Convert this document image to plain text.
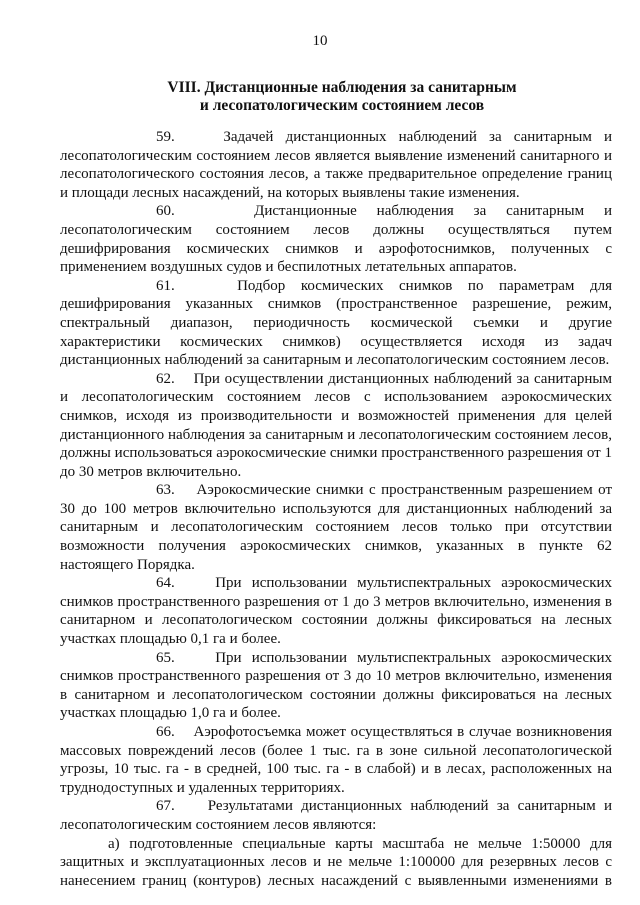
10
VIII. Дистанционные наблюдения за санитарным
и лесопатологическим состоянием лесов

59.	Задачей дистанционных наблюдений за санитарным и лесопатологическим состоянием лесов является выявление изменений санитарного и лесопатологического состояния лесов, а также предварительное определение границ и площади лесных насаждений, на которых выявлены такие изменения.

60.	Дистанционные наблюдения за санитарным и лесопатологическим состоянием лесов должны осуществляться путем дешифрирования космических снимков и аэрофотоснимков, полученных с применением воздушных судов и беспилотных летательных аппаратов.

61.	Подбор космических снимков по параметрам для дешифрирования указанных снимков (пространственное разрешение, режим, спектральный диапазон, периодичность космической съемки и другие характеристики космических снимков) осуществляется исходя из задач дистанционных наблюдений за санитарным и лесопатологическим состоянием лесов.

62. При осуществлении дистанционных наблюдений за санитарным и лесопатологическим состоянием лесов с использованием аэрокосмических снимков, исходя из производительности и возможностей применения для целей дистанционного наблюдения за санитарным и лесопатологическим состоянием лесов, должны использоваться аэрокосмические снимки пространственного разрешения от 1 до 30 метров включительно.

63. Аэрокосмические снимки с пространственным разрешением от 30 до 100 метров включительно используются для дистанционных наблюдений за санитарным и лесопатологическим состоянием лесов только при отсутствии возможности получения аэрокосмических снимков, указанных в пункте 62 настоящего Порядка.

64.	При использовании мультиспектральных аэрокосмических снимков пространственного разрешения от 1 до 3 метров включительно, изменения в санитарном и лесопатологическом состоянии должны фиксироваться на лесных участках площадью 0,1 га и более.

65.	При использовании мультиспектральных аэрокосмических снимков пространственного разрешения от 3 до 10 метров включительно, изменения в санитарном и лесопатологическом состоянии должны фиксироваться на лесных участках площадью 1,0 га и более.

66. Аэрофотосъемка может осуществляться в случае возникновения массовых повреждений лесов (более 1 тыс. га в зоне сильной лесопатологической угрозы, 10 тыс. га - в средней, 100 тыс. га - в слабой) и в лесах, расположенных на труднодоступных и удаленных территориях.

67. Результатами дистанционных наблюдений за санитарным и лесопатологическим состоянием лесов являются:

а) подготовленные специальные карты масштаба не мельче 1:50000 для защитных и эксплуатационных лесов и не мельче 1:100000 для резервных лесов с нанесением границ (контуров) лесных насаждений с выявленными изменениями в
